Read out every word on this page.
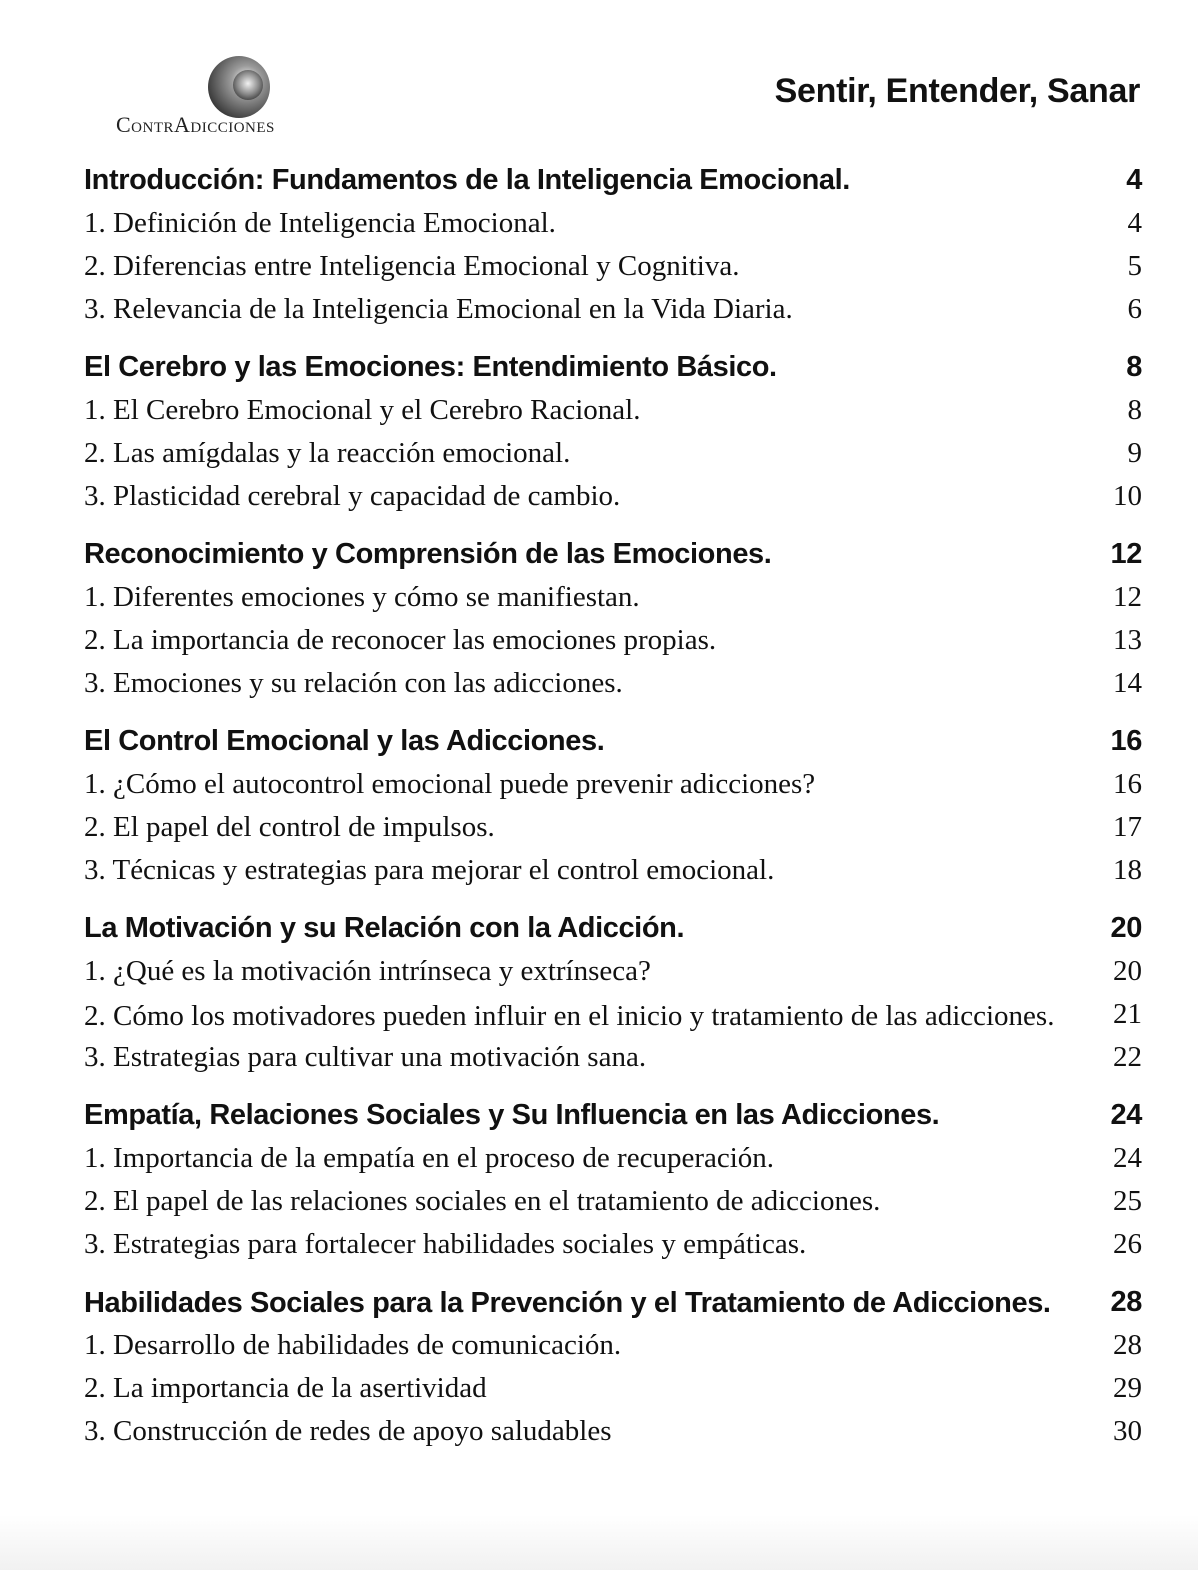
ContrAdicciones
Sentir, Entender, Sanar
Introducción: Fundamentos de la Inteligencia Emocional.	4
1. Definición de Inteligencia Emocional.	4
2. Diferencias entre Inteligencia Emocional y Cognitiva.	5
3. Relevancia de la Inteligencia Emocional en la Vida Diaria.	6
El Cerebro y las Emociones: Entendimiento Básico.	8
1. El Cerebro Emocional y el Cerebro Racional.	8
2. Las amígdalas y la reacción emocional.	9
3. Plasticidad cerebral y capacidad de cambio.	10
Reconocimiento y Comprensión de las Emociones.	12
1. Diferentes emociones y cómo se manifiestan.	12
2. La importancia de reconocer las emociones propias.	13
3. Emociones y su relación con las adicciones.	14
El Control Emocional y las Adicciones.	16
1. ¿Cómo el autocontrol emocional puede prevenir adicciones?	16
2. El papel del control de impulsos.	17
3. Técnicas y estrategias para mejorar el control emocional.	18
La Motivación y su Relación con la Adicción.	20
1. ¿Qué es la motivación intrínseca y extrínseca?	20
2. Cómo los motivadores pueden influir en el inicio y tratamiento de las adicciones.	21
3. Estrategias para cultivar una motivación sana.	22
Empatía, Relaciones Sociales y Su Influencia en las Adicciones.	24
1. Importancia de la empatía en el proceso de recuperación.	24
2. El papel de las relaciones sociales en el tratamiento de adicciones.	25
3. Estrategias para fortalecer habilidades sociales y empáticas.	26
Habilidades Sociales para la Prevención y el Tratamiento de Adicciones.	28
1. Desarrollo de habilidades de comunicación.	28
2. La importancia de la asertividad	29
3. Construcción de redes de apoyo saludables	30
